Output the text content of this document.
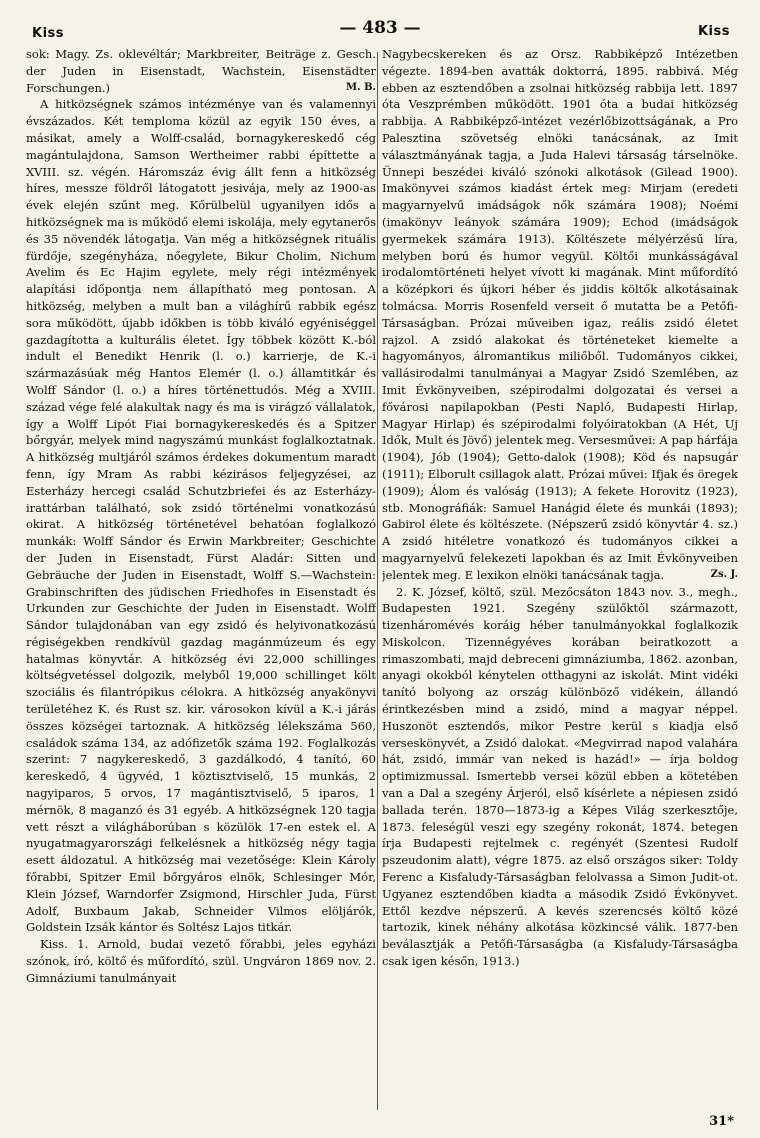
Kiss	— 483 —	Kiss

sok: Magy. Zs. oklevéltár; Markbreiter, Beiträge z. Gesch. der Juden in Eisenstadt, Wachstein, Eisenstädter Forschungen.)	M. B.

A hitközségnek számos intézménye van és valamennyi évszázados. Két temploma közül az egyik 150 éves, a másikat, amely a Wolff-család, bornagykereskedő cég magántulajdona, Samson Wertheimer rabbi építtette a XVIII. sz. végén. Háromszáz évig állt fenn a hitközség híres, messze földről látogatott jesivája, mely az 1900-as évek elején szűnt meg. Kőrülbelül ugyanilyen idős a hitközségnek ma is működő elemi iskolája, mely egytanerős és 35 növendék látogatja. Van még a hitközségnek rituális fürdője, szegényháza, nőegylete, Bikur Cholim, Nichum Avelim és Ec Hajim egylete, mely régi intézmények alapítási időpontja nem állapítható meg pontosan. A hitközség, melyben a mult ban a világhírű rabbik egész sora működött, újabb időkben is több kiváló egyéniséggel gazdagította a kulturális életet. Így többek között K.-ból indult el Benedikt Henrik (l. o.) karrierje, de K.-i származásúak még Hantos Elemér (l. o.) államtitkár és Wolff Sándor (l. o.) a híres történettudós. Még a XVIII. század vége felé alakultak nagy és ma is virágzó vállalatok, így a Wolff Lipót Fiai bornagykereskedés és a Spitzer bőrgyár, melyek mind nagyszámú munkást foglalkoztatnak. A hitközség multjáról számos érdekes dokumentum maradt fenn, így Mram As rabbi kézirásos feljegyzései, az Esterházy hercegi család Schutzbriefei és az Esterházy-irattárban található, sok zsidó történelmi vonatkozású okirat. A hitközség történetével behatóan foglalkozó munkák: Wolff Sándor és Erwin Markbreiter; Geschichte der Juden in Eisenstadt, Fürst Aladár: Sitten und Gebräuche der Juden in Eisenstadt, Wolff S.—Wachstein: Grabinschriften des jüdischen Friedhofes in Eisenstadt és Urkunden zur Geschichte der Juden in Eisenstadt. Wolff Sándor tulajdonában van egy zsidó és helyivonatkozású régiségekben rendkívül gazdag magánmúzeum és egy hatalmas könyvtár. A hitközség évi 22,000 schillinges költségvetéssel dolgozik, melyből 19,000 schillinget költ szociális és filantrópikus célokra. A hitközség anyakönyvi területéhez K. és Rust sz. kir. városokon kívül a K.-i járás összes községei tartoznak. A hitközség lélekszáma 560, családok száma 134, az adófizetők száma 192. Foglalkozás szerint: 7 nagykereskedő, 3 gazdálkodó, 4 tanító, 60 kereskedő, 4 ügyvéd, 1 köztisztviselő, 15 munkás, 2 nagyiparos, 5 orvos, 17 magántisztviselő, 5 iparos, 1 mérnök, 8 maganzó és 31 egyéb. A hitközségnek 120 tagja vett részt a világháborúban s közülök 17-en estek el. A nyugatmagyarországi felkelésnek a hitközség négy tagja esett áldozatul. A hitközség mai vezetősége: Klein Károly főrabbi, Spitzer Emil bőrgyáros elnök, Schlesinger Mór, Klein József, Warndorfer Zsigmond, Hirschler Juda, Fürst Adolf, Buxbaum Jakab, Schneider Vilmos elöljárók, Goldstein Izsák kántor és Soltész Lajos titkár.

Kiss. 1. Arnold, budai vezető főrabbi, jeles egyházi szónok, író, költő és műfordító, szül. Ungváron 1869 nov. 2. Gimnáziumi tanulmányait

Nagybecskereken és az Orsz. Rabbiképző Intézetben végezte. 1894-ben avatták doktorrá, 1895. rabbivá. Még ebben az esztendőben a zsolnai hitközség rabbija lett. 1897 óta Veszprémben működött. 1901 óta a budai hitközség rabbija. A Rabbiképző-intézet vezérlőbizottságának, a Pro Palesztina szövetség elnöki tanácsának, az Imit választmányának tagja, a Juda Halevi társaság társelnöke. Ünnepi beszédei kiváló szónoki alkotások (Gilead 1900). Imakönyvei számos kiadást értek meg: Mirjam (eredeti magyarnyelvű imádságok nők számára 1908); Noémi (imakönyv leányok számára 1909); Echod (imádságok gyermekek számára 1913). Költészete mélyérzésű líra, melyben ború és humor vegyül. Költői munkásságával irodalomtörténeti helyet vívott ki magának. Mint műfordító a középkori és újkori héber és jiddis költők alkotásainak tolmácsa. Morris Rosenfeld verseit ő mutatta be a Petőfi-Társaságban. Prózai műveiben igaz, reális zsidó életet rajzol. A zsidó alakokat és történeteket kiemelte a hagyományos, álromantikus miliőből. Tudományos cikkei, vallásirodalmi tanulmányai a Magyar Zsidó Szemlében, az Imit Évkönyveiben, szépirodalmi dolgozatai és versei a fővárosi napilapokban (Pesti Napló, Budapesti Hirlap, Magyar Hirlap) és szépirodalmi folyóiratokban (A Hét, Uj Idők, Mult és Jövő) jelentek meg. Versesművei: A pap hárfája (1904), Jób (1904); Getto-dalok (1908); Köd és napsugár (1911); Elborult csillagok alatt. Prózai művei: Ifjak és öregek (1909); Álom és valóság (1913); A fekete Horovitz (1923), stb. Monográfiák: Samuel Hanágid élete és munkái (1893); Gabirol élete és költészete. (Népszerű zsidó könyvtár 4. sz.) A zsidó hitéletre vonatkozó és tudományos cikkei a magyarnyelvű felekezeti lapokban és az Imit Évkönyveiben jelentek meg. E lexikon elnöki tanácsának tagja.	Zs. J.

2. K. József, költő, szül. Mezőcsáton 1843 nov. 3., megh., Budapesten 1921. Szegény szülőktől származott, tizenháromévés koráig héber tanulmányokkal foglalkozik Miskolcon. Tizennégyéves korában beiratkozott a rimaszombati, majd debreceni gimnáziumba, 1862. azonban, anyagi okokból kénytelen otthagyni az iskolát. Mint vidéki tanító bolyong az ország különböző vidékein, állandó érintkezésben mind a zsidó, mind a magyar néppel. Huszonöt esztendős, mikor Pestre kerül s kiadja első verseskönyvét, a Zsidó dalokat. «Megvirrad napod valahára hát, zsidó, immár van neked is hazád!» — írja boldog optimizmussal. Ismertebb versei közül ebben a kötetében van a Dal a szegény Árjeról, első kísérlete a népiesen zsidó ballada terén. 1870—1873-ig a Képes Világ szerkesztője, 1873. feleségül veszi egy szegény rokonát, 1874. betegen írja Budapesti rejtelmek c. regényét (Szentesi Rudolf pszeudonim alatt), végre 1875. az első országos siker: Toldy Ferenc a Kisfaludy-Társaságban felolvassa a Simon Judit-ot. Ugyanez esztendőben kiadta a második Zsidó Évkönyvet. Ettől kezdve népszerű. A kevés szerencsés költő közé tartozik, kinek néhány alkotása közkincsé válik. 1877-ben beválasztják a Petőfi-Társaságba (a Kisfaludy-Társaságba csak igen későn, 1913.)

31*
